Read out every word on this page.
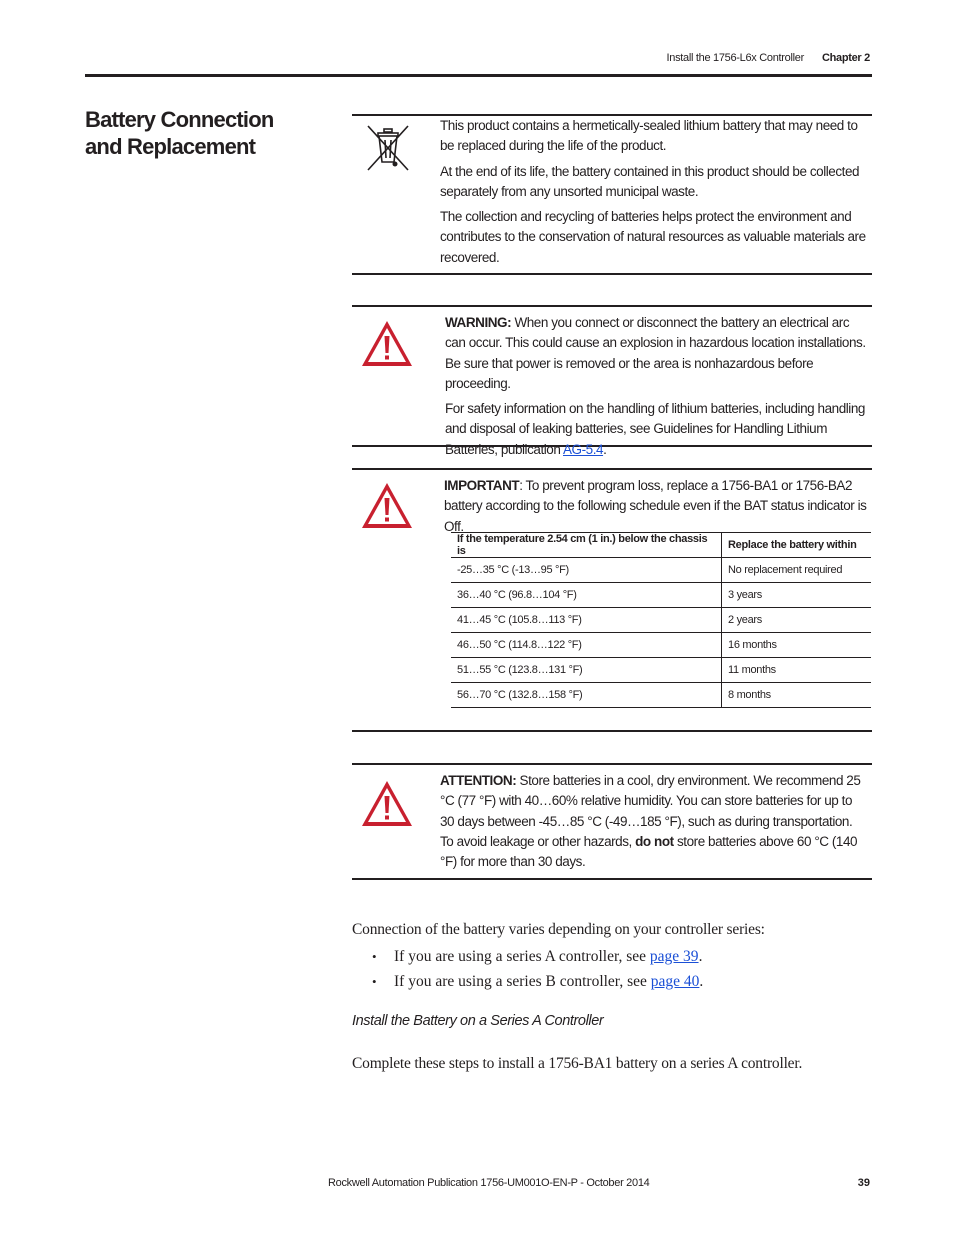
Install the 1756-L6x Controller Chapter 2
Battery Connection and Replacement

This product contains a hermetically-sealed lithium battery that may need to be replaced during the life of the product.

At the end of its life, the battery contained in this product should be collected separately from any unsorted municipal waste.

The collection and recycling of batteries helps protect the environment and contributes to the conservation of natural resources as valuable materials are recovered.

WARNING: When you connect or disconnect the battery an electrical arc can occur. This could cause an explosion in hazardous location installations. Be sure that power is removed or the area is nonhazardous before proceeding.

For safety information on the handling of lithium batteries, including handling and disposal of leaking batteries, see Guidelines for Handling Lithium Batteries, publication AG-5.4.

IMPORTANT: To prevent program loss, replace a 1756-BA1 or 1756-BA2 battery according to the following schedule even if the BAT status indicator is Off.

If the temperature 2.54 cm (1 in.) below the chassis is	Replace the battery within
-25…35 °C (-13…95 °F)	No replacement required
36…40 °C (96.8…104 °F)	3 years
41…45 °C (105.8…113 °F)	2 years
46…50 °C (114.8…122 °F)	16 months
51…55 °C (123.8…131 °F)	11 months
56…70 °C (132.8…158 °F)	8 months

ATTENTION: Store batteries in a cool, dry environment. We recommend 25 °C (77 °F) with 40…60% relative humidity. You can store batteries for up to 30 days between -45…85 °C (-49…185 °F), such as during transportation. To avoid leakage or other hazards, do not store batteries above 60 °C (140 °F) for more than 30 days.

Connection of the battery varies depending on your controller series:
• If you are using a series A controller, see page 39.
• If you are using a series B controller, see page 40.
Install the Battery on a Series A Controller
Complete these steps to install a 1756-BA1 battery on a series A controller.
Rockwell Automation Publication 1756-UM001O-EN-P - October 2014	39
